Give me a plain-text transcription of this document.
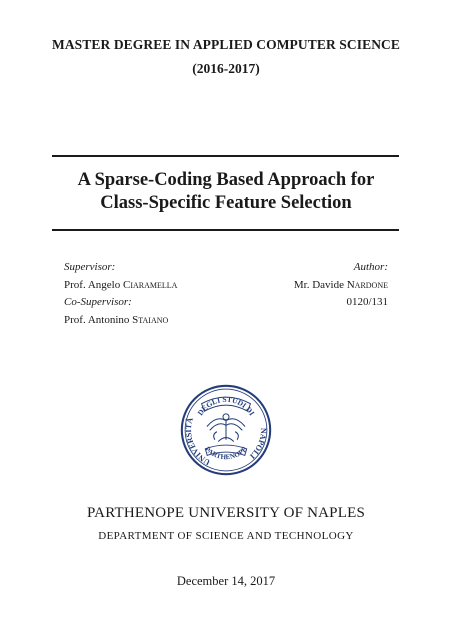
MASTER DEGREE IN APPLIED COMPUTER SCIENCE
(2016-2017)
A Sparse-Coding Based Approach for
Class-Specific Feature Selection
Supervisor:	Author:
Prof. Angelo Ciaramella	Mr. Davide Nardone
Co-Supervisor:	0120/131
Prof. Antonino Staiano
DEGLI STUDI DI
UNIVERSITÀ
NAPOLI
PARTHENOPE
PARTHENOPE UNIVERSITY OF NAPLES
DEPARTMENT OF SCIENCE AND TECHNOLOGY
December 14, 2017
